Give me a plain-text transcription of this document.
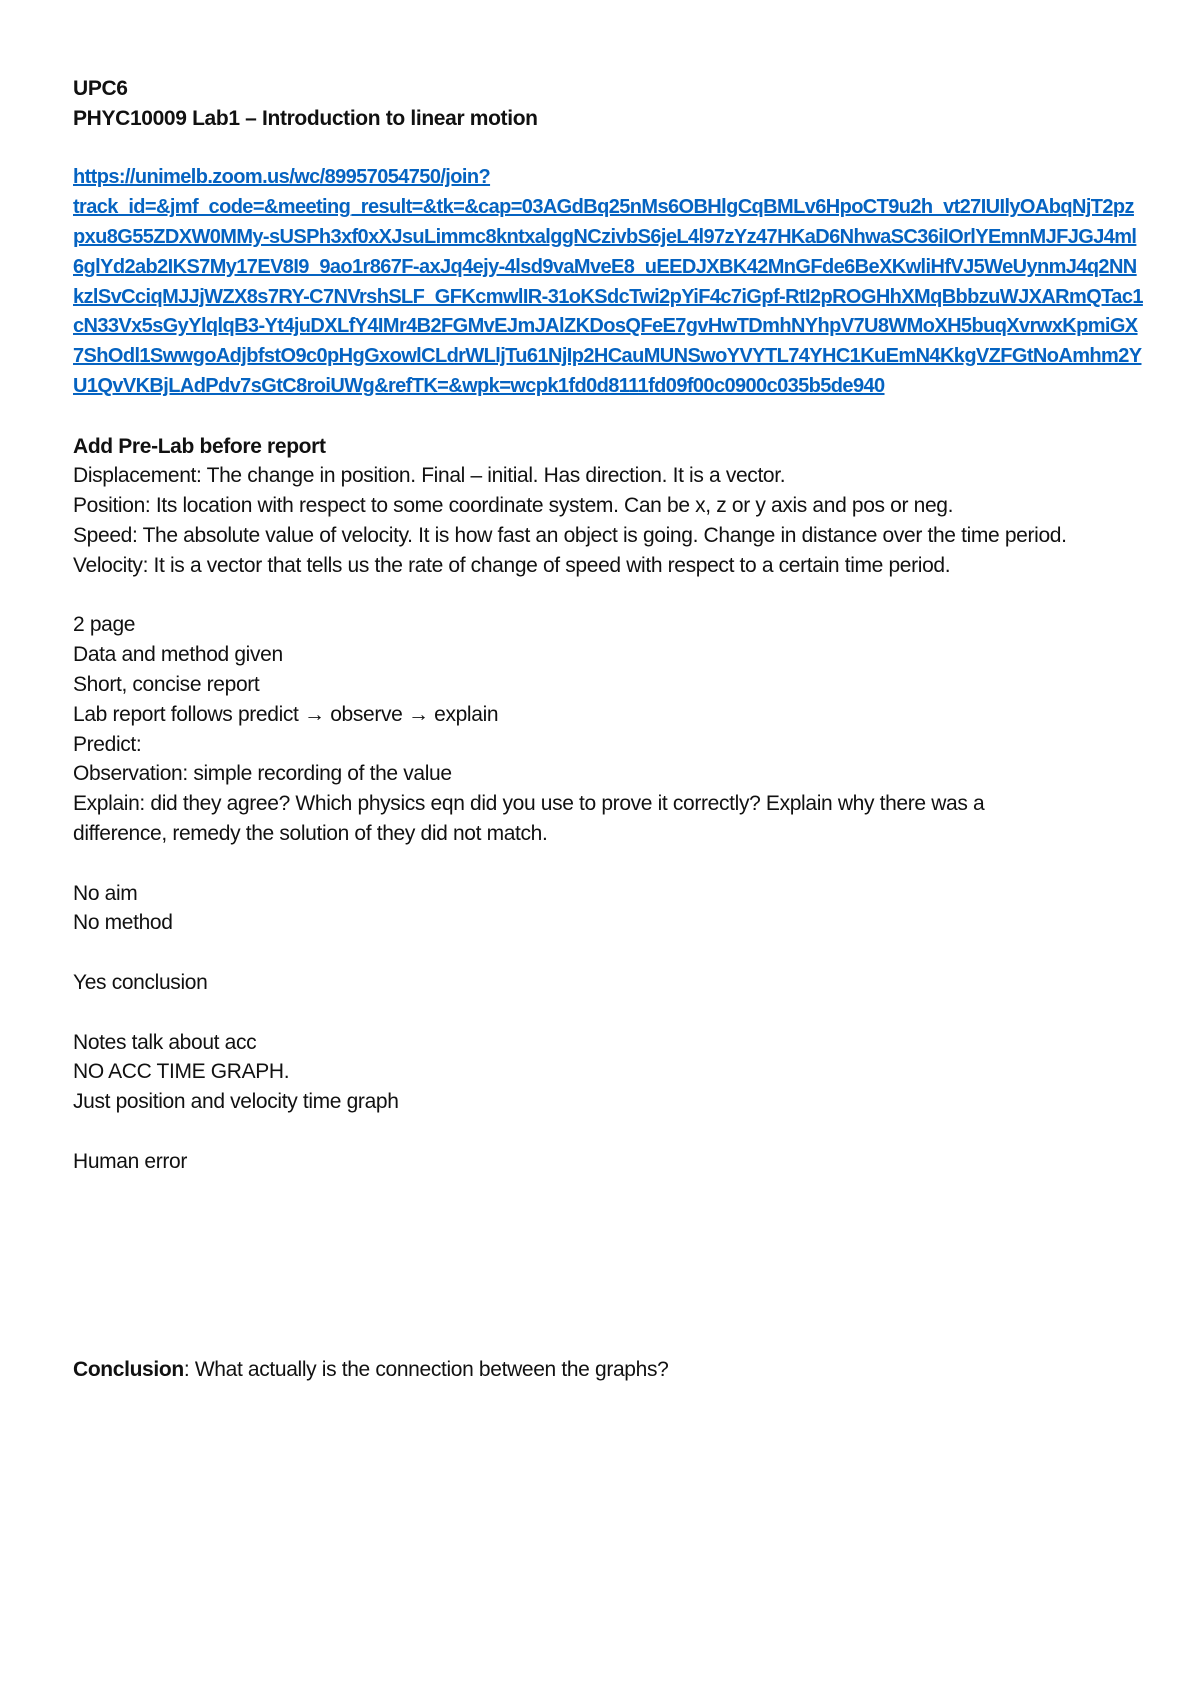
UPC6
PHYC10009 Lab1 – Introduction to linear motion
https://unimelb.zoom.us/wc/89957054750/join?
track_id=&jmf_code=&meeting_result=&tk=&cap=03AGdBq25nMs6OBHlgCqBMLv6HpoCT9u2h_vt27IUIlyOAbqNjT2pzpxu8G55ZDXW0MMy-sUSPh3xf0xXJsuLimmc8kntxalggNCzivbS6jeL4l97zYz47HKaD6NhwaSC36iIOrlYEmnMJFJGJ4ml6glYd2ab2IKS7My17EV8I9_9ao1r867F-axJq4ejy-4lsd9vaMveE8_uEEDJXBK42MnGFde6BeXKwliHfVJ5WeUynmJ4q2NNkzlSvCciqMJJjWZX8s7RY-C7NVrshSLF_GFKcmwlIR-31oKSdcTwi2pYiF4c7iGpf-RtI2pROGHhXMqBbbzuWJXARmQTac1cN33Vx5sGyYlqlqB3-Yt4juDXLfY4IMr4B2FGMvEJmJAlZKDosQFeE7gvHwTDmhNYhpV7U8WMoXH5buqXvrwxKpmiGX7ShOdl1SwwgoAdjbfstO9c0pHgGxowlCLdrWLljTu61NjIp2HCauMUNSwoYVYTL74YHC1KuEmN4KkgVZFGtNoAmhm2YU1QvVKBjLAdPdv7sGtC8roiUWg&refTK=&wpk=wcpk1fd0d8111fd09f00c0900c035b5de940
Add Pre-Lab before report
Displacement: The change in position. Final – initial. Has direction. It is a vector.
Position: Its location with respect to some coordinate system. Can be x, z or y axis and pos or neg.
Speed: The absolute value of velocity. It is how fast an object is going. Change in distance over the time period.
Velocity: It is a vector that tells us the rate of change of speed with respect to a certain time period.
2 page
Data and method given
Short, concise report
Lab report follows predict → observe → explain
Predict:
Observation: simple recording of the value
Explain: did they agree? Which physics eqn did you use to prove it correctly? Explain why there was a difference, remedy the solution of they did not match.
No aim
No method
Yes conclusion
Notes talk about acc
NO ACC TIME GRAPH.
Just position and velocity time graph
Human error
Conclusion: What actually is the connection between the graphs?
